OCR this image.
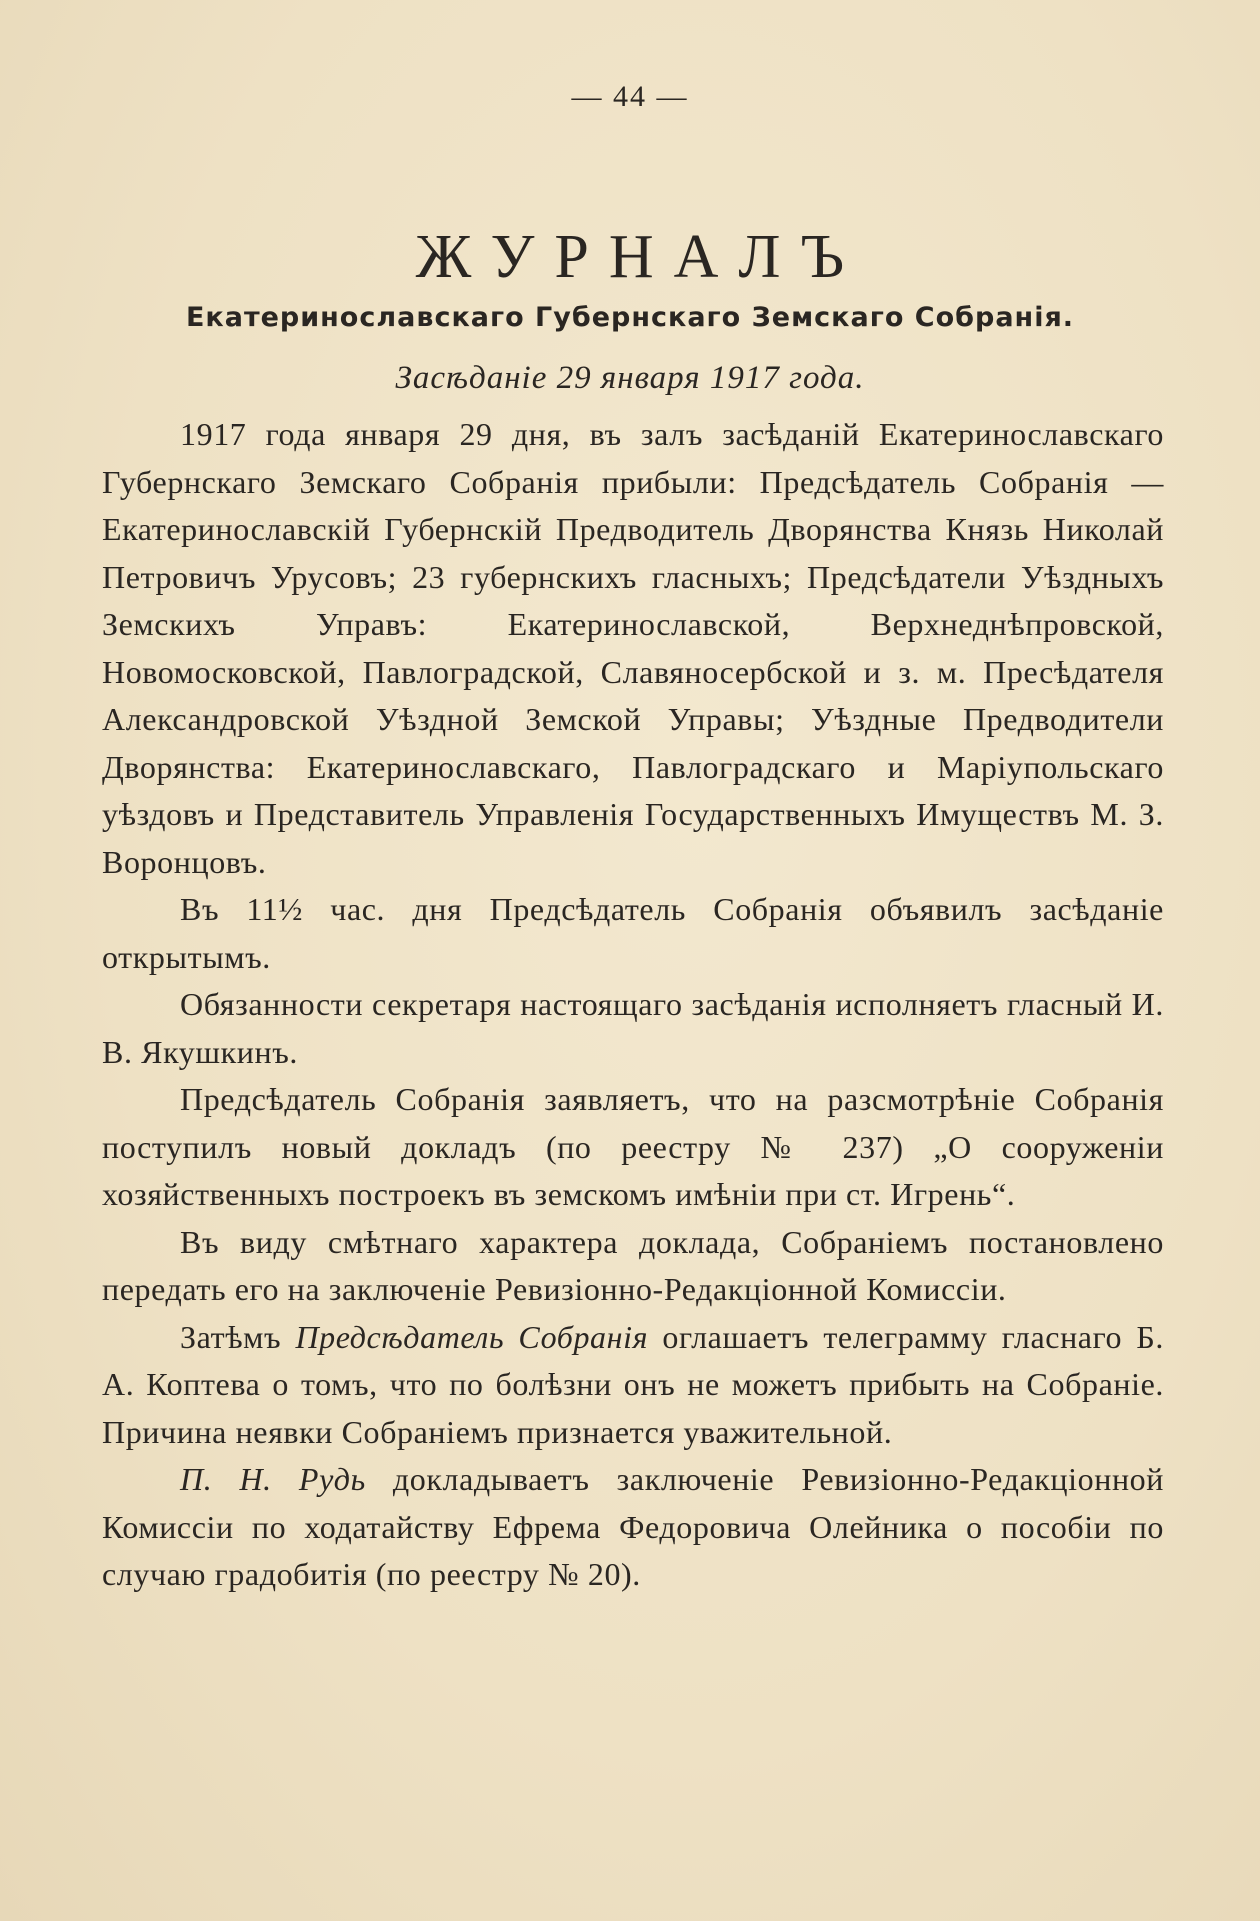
— 44 —
ЖУРНАЛЪ
Екатеринославскаго Губернскаго Земскаго Собранія.
Засѣданіе 29 января 1917 года.

1917 года января 29 дня, въ залъ засѣданій Екатеринославскаго Губернскаго Земскаго Собранія прибыли: Предсѣдатель Собранія —Екатеринославскій Губернскій Предводитель Дворянства Князь Николай Петровичъ Урусовъ; 23 губернскихъ гласныхъ; Предсѣдатели Уѣздныхъ Земскихъ Управъ: Екатеринославской, Верхнеднѣпровской, Новомосковской, Павлоградской, Славяносербской и з. м. Пресѣдателя Александровской Уѣздной Земской Управы; Уѣздные Предводители Дворянства: Екатеринославскаго, Павлоградскаго и Маріупольскаго уѣздовъ и Представитель Управленія Государственныхъ Имуществъ М. З. Воронцовъ.

Въ 11½ час. дня Предсѣдатель Собранія объявилъ засѣданіе открытымъ.

Обязанности секретаря настоящаго засѣданія исполняетъ гласный И. В. Якушкинъ.

Предсѣдатель Собранія заявляетъ, что на разсмотрѣніе Собранія поступилъ новый докладъ (по реестру № 237) „О сооруженіи хозяйственныхъ построекъ въ земскомъ имѣніи при ст. Игрень“.

Въ виду смѣтнаго характера доклада, Собраніемъ постановлено передать его на заключеніе Ревизіонно-Редакціонной Комиссіи.

Затѣмъ Предсѣдатель Собранія оглашаетъ телеграмму гласнаго Б. А. Коптева о томъ, что по болѣзни онъ не можетъ прибыть на Собраніе. Причина неявки Собраніемъ признается уважительной.

П. Н. Рудь докладываетъ заключеніе Ревизіонно-Редакціонной Комиссіи по ходатайству Ефрема Федоровича Олейника о пособіи по случаю градобитія (по реестру № 20).
